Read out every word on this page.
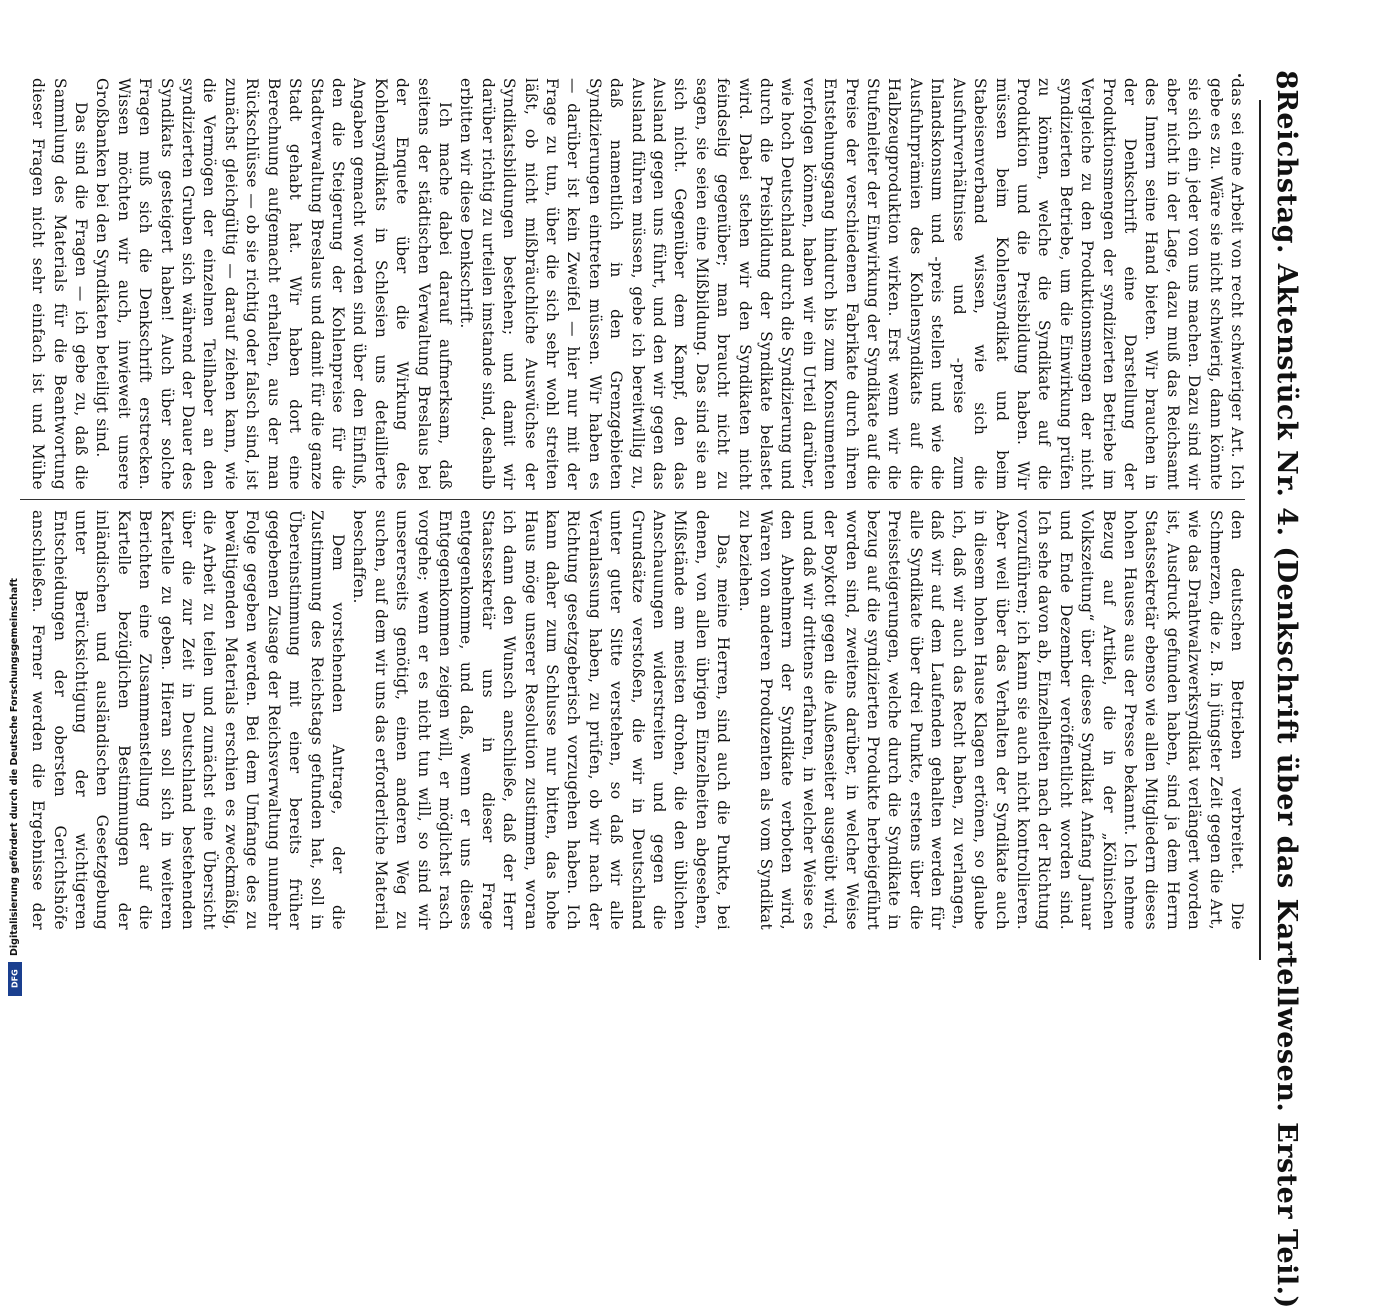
8
Reichstag. Aktenstück Nr. 4. (Denkschrift über das Kartellwesen. Erster Teil.)

das sei eine Arbeit von recht schwieriger Art. Ich gebe es zu. Wäre sie nicht schwierig, dann könnte sie sich ein jeder von uns machen. Dazu sind wir aber nicht in der Lage, dazu muß das Reichsamt des Innern seine Hand bieten. Wir brauchen in der Denkschrift eine Darstellung der Produktionsmengen der syndizierten Betriebe im Vergleiche zu den Produktionsmengen der nicht syndizierten Betriebe, um die Einwirkung prüfen zu können, welche die Syndikate auf die Produktion und die Preisbildung haben. Wir müssen beim Kohlensyndikat und beim Stabeisenverband wissen, wie sich die Ausfuhrverhältnisse und -preise zum Inlandskonsum und -preis stellen und wie die Ausfuhrprämien des Kohlensyndikats auf die Halbzeugproduktion wirken. Erst wenn wir die Stufenleiter der Einwirkung der Syndikate auf die Preise der verschiedenen Fabrikate durch ihren Entstehungsgang hindurch bis zum Konsumenten verfolgen können, haben wir ein Urteil darüber, wie hoch Deutschland durch die Syndizierung und durch die Preisbildung der Syndikate belastet wird. Dabei stehen wir den Syndikaten nicht feindselig gegenüber; man braucht nicht zu sagen, sie seien eine Mißbildung. Das sind sie an sich nicht. Gegenüber dem Kampf, den das Ausland gegen uns führt, und den wir gegen das Ausland führen müssen, gebe ich bereitwillig zu, daß namentlich in den Grenzgebieten Syndizierungen eintreten müssen. Wir haben es — darüber ist kein Zweifel — hier nur mit der Frage zu tun, über die sich sehr wohl streiten läßt, ob nicht mißbräuchliche Auswüchse der Syndikatsbildungen bestehen; und damit wir darüber richtig zu urteilen imstande sind, deshalb erbitten wir diese Denkschrift.

Ich mache dabei darauf aufmerksam, daß seitens der städtischen Verwaltung Breslaus bei der Enquete über die Wirkung des Kohlensyndikats in Schlesien uns detaillierte Angaben gemacht worden sind über den Einfluß, den die Steigerung der Kohlenpreise für die Stadtverwaltung Breslaus und damit für die ganze Stadt gehabt hat. Wir haben dort eine Berechnung aufgemacht erhalten, aus der man Rückschlüsse — ob sie richtig oder falsch sind, ist zunächst gleichgültig — darauf ziehen kann, wie die Vermögen der einzelnen Teilhaber an den syndizierten Gruben sich während der Dauer des Syndikats gesteigert haben! Auch über solche Fragen muß sich die Denkschrift erstrecken. Wissen möchten wir auch, inwieweit unsere Großbanken bei den Syndikaten beteiligt sind.

Das sind die Fragen — ich gebe zu, daß die Sammlung des Materials für die Beantwortung dieser Fragen nicht sehr einfach ist und Mühe

den deutschen Betrieben verbreitet. Die Schmerzen, die z. B. in jüngster Zeit gegen die Art, wie das Drahtwalzwerksyndikat verlängert worden ist, Ausdruck gefunden haben, sind ja dem Herrn Staatssekretär ebenso wie allen Mitgliedern dieses hohen Hauses aus der Presse bekannt. Ich nehme Bezug auf Artikel, die in der „Kölnischen Volkszeitung“ über dieses Syndikat Anfang Januar und Ende Dezember veröffentlicht worden sind. Ich sehe davon ab, Einzelheiten nach der Richtung vorzuführen; ich kann sie auch nicht kontrollieren. Aber weil über das Verhalten der Syndikate auch in diesem hohen Hause Klagen ertönen, so glaube ich, daß wir auch das Recht haben, zu verlangen, daß wir auf dem Laufenden gehalten werden für alle Syndikate über drei Punkte, erstens über die Preissteigerungen, welche durch die Syndikate in bezug auf die syndizierten Produkte herbeigeführt worden sind, zweitens darüber, in welcher Weise der Boykott gegen die Außenseiter ausgeübt wird, und daß wir drittens erfahren, in welcher Weise es den Abnehmern der Syndikate verboten wird, Waren von anderen Produzenten als vom Syndikat zu beziehen.

Das, meine Herren, sind auch die Punkte, bei denen, von allen übrigen Einzelheiten abgesehen, Mißstände am meisten drohen, die den üblichen Anschauungen widerstreiten und gegen die Grundsätze verstoßen, die wir in Deutschland unter guter Sitte verstehen, so daß wir alle Veranlassung haben, zu prüfen, ob wir nach der Richtung gesetzgeberisch vorzugehen haben. Ich kann daher zum Schlusse nur bitten, das hohe Haus möge unserer Resolution zustimmen, woran ich dann den Wunsch anschließe, daß der Herr Staatssekretär uns in dieser Frage entgegenkomme, und daß, wenn er uns dieses Entgegenkommen zeigen will, er möglichst rasch vorgehe; wenn er es nicht tun will, so sind wir unsererseits genötigt, einen anderen Weg zu suchen, auf dem wir uns das erforderliche Material beschaffen.

Dem vorstehenden Antrage, der die Zustimmung des Reichstags gefunden hat, soll in Übereinstimmung mit einer bereits früher gegebenen Zusage der Reichsverwaltung nunmehr Folge gegeben werden. Bei dem Umfange des zu bewältigenden Materials erschien es zweckmäßig, die Arbeit zu teilen und zunächst eine Übersicht über die zur Zeit in Deutschland bestehenden Kartelle zu geben. Hieran soll sich in weiteren Berichten eine Zusammenstellung der auf die Kartelle bezüglichen Bestimmungen der inländischen und ausländischen Gesetzgebung unter Berücksichtigung der wichtigeren Entscheidungen der obersten Gerichtshöfe anschließen. Ferner werden die Ergebnisse der

Digitalisierung gefördert durch die Deutsche Forschungsgemeinschaft
DFG
